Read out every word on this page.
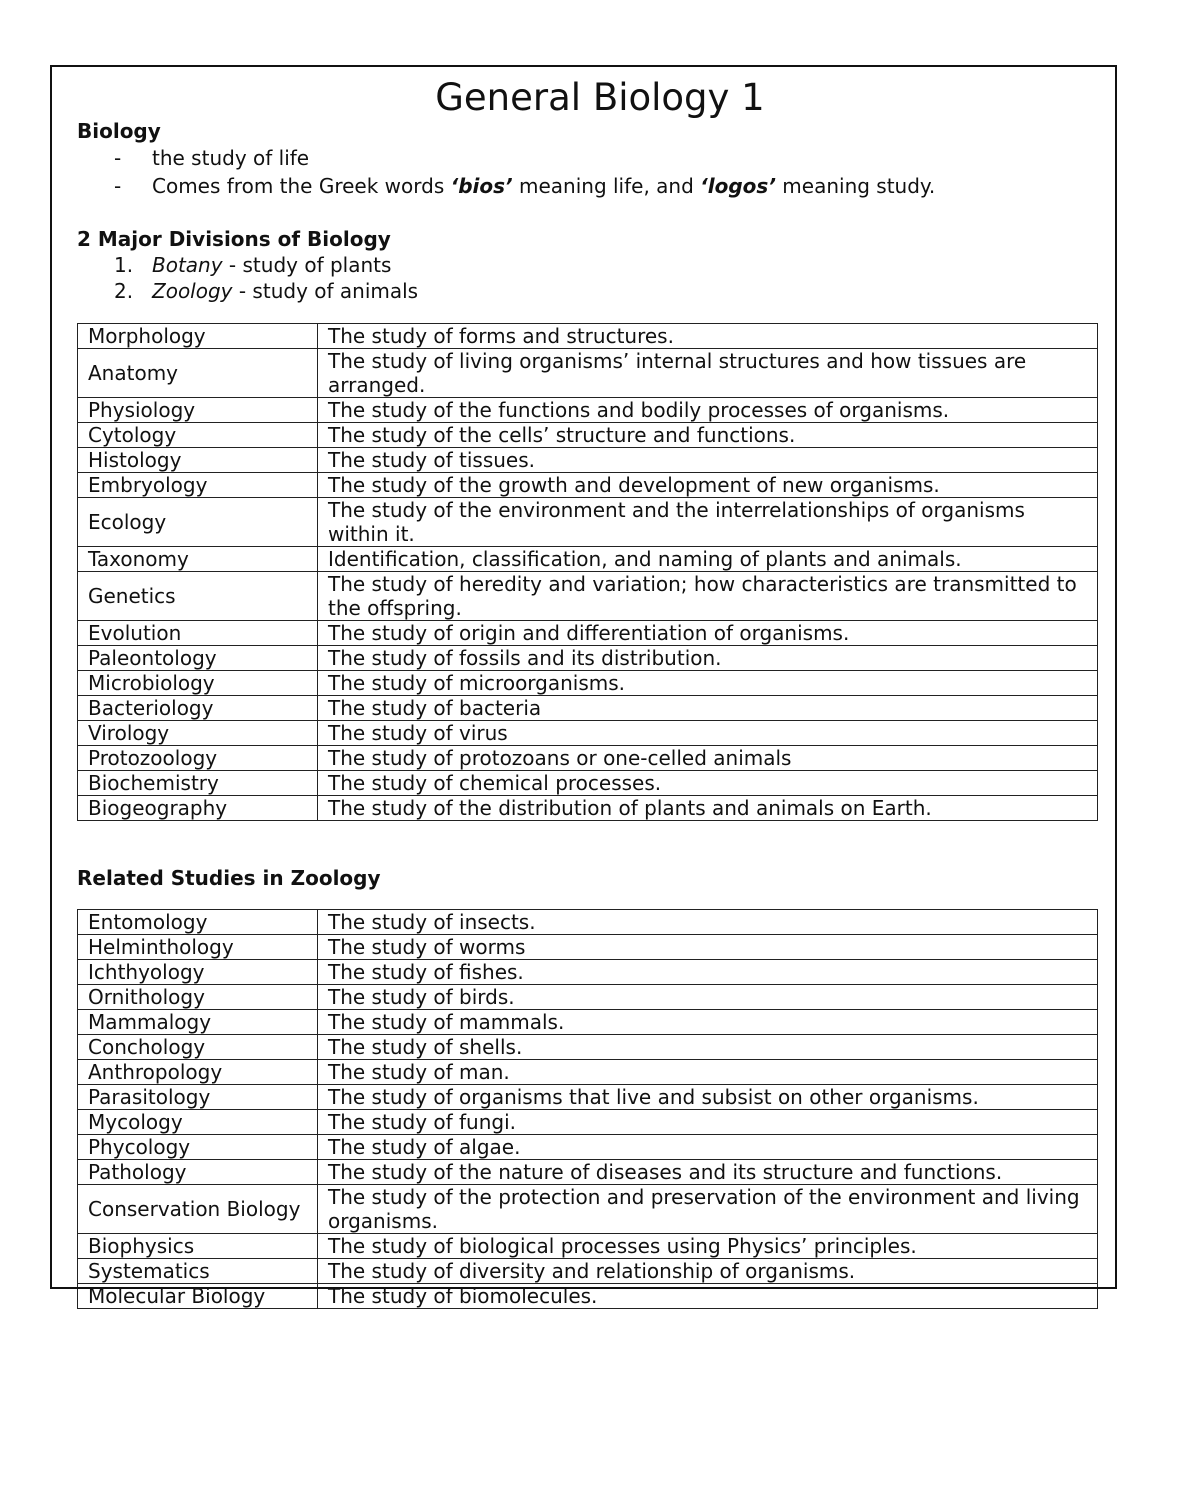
General Biology 1
Biology
- the study of life
- Comes from the Greek words ‘bios’ meaning life, and ‘logos’ meaning study.
2 Major Divisions of Biology
1. Botany - study of plants
2. Zoology - study of animals
Morphology	The study of forms and structures.
Anatomy	The study of living organisms’ internal structures and how tissues are arranged.
Physiology	The study of the functions and bodily processes of organisms.
Cytology	The study of the cells’ structure and functions.
Histology	The study of tissues.
Embryology	The study of the growth and development of new organisms.
Ecology	The study of the environment and the interrelationships of organisms within it.
Taxonomy	Identification, classification, and naming of plants and animals.
Genetics	The study of heredity and variation; how characteristics are transmitted to the offspring.
Evolution	The study of origin and differentiation of organisms.
Paleontology	The study of fossils and its distribution.
Microbiology	The study of microorganisms.
Bacteriology	The study of bacteria
Virology	The study of virus
Protozoology	The study of protozoans or one-celled animals
Biochemistry	The study of chemical processes.
Biogeography	The study of the distribution of plants and animals on Earth.
Related Studies in Zoology
Entomology	The study of insects.
Helminthology	The study of worms
Ichthyology	The study of fishes.
Ornithology	The study of birds.
Mammalogy	The study of mammals.
Conchology	The study of shells.
Anthropology	The study of man.
Parasitology	The study of organisms that live and subsist on other organisms.
Mycology	The study of fungi.
Phycology	The study of algae.
Pathology	The study of the nature of diseases and its structure and functions.
Conservation Biology	The study of the protection and preservation of the environment and living organisms.
Biophysics	The study of biological processes using Physics’ principles.
Systematics	The study of diversity and relationship of organisms.
Molecular Biology	The study of biomolecules.
